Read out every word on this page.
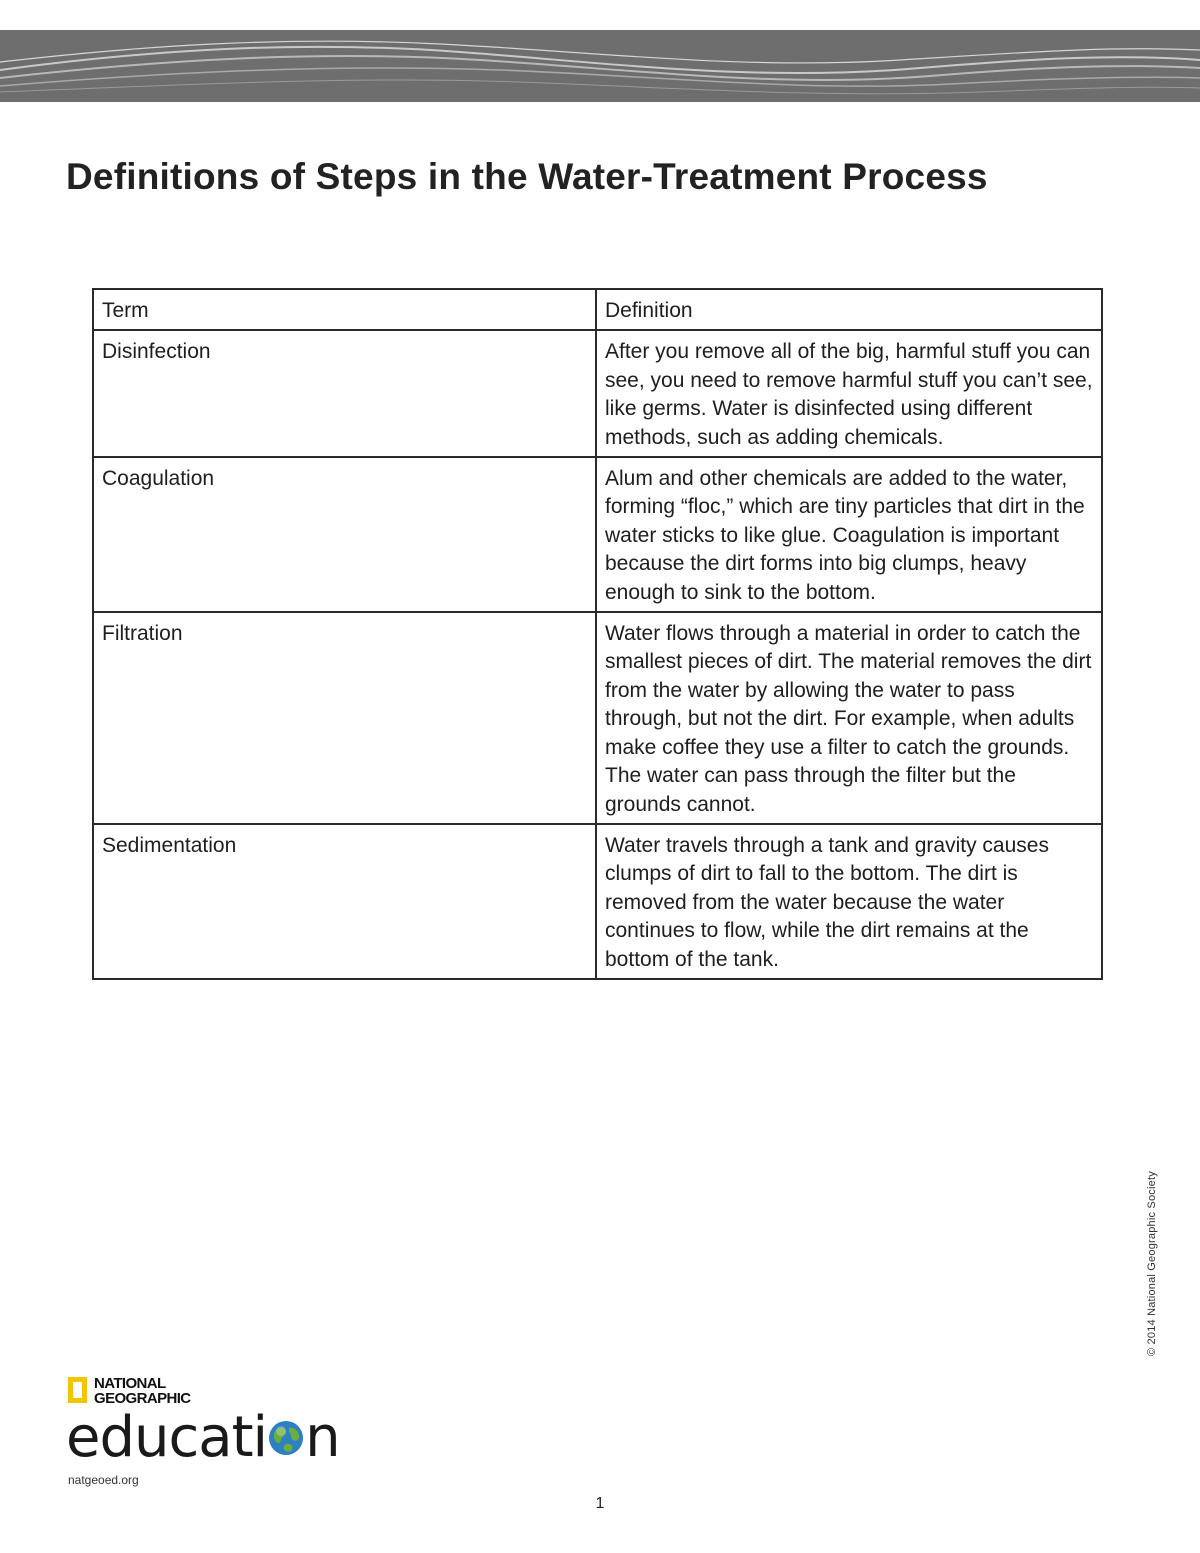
Definitions of Steps in the Water-Treatment Process
Term	Definition
Disinfection	After you remove all of the big, harmful stuff you can see, you need to remove harmful stuff you can’t see, like germs. Water is disinfected using different methods, such as adding chemicals.

Coagulation	Alum and other chemicals are added to the water, forming “floc,” which are tiny particles that dirt in the water sticks to like glue. Coagulation is important because the dirt forms into big clumps, heavy enough to sink to the bottom.

Filtration	Water flows through a material in order to catch the smallest pieces of dirt. The material removes the dirt from the water by allowing the water to pass through, but not the dirt. For example, when adults make coffee they use a filter to catch the grounds. The water can pass through the filter but the grounds cannot.

Sedimentation	Water travels through a tank and gravity causes clumps of dirt to fall to the bottom. The dirt is removed from the water because the water continues to flow, while the dirt remains at the bottom of the tank.
© 2014 National Geographic Society
NATIONAL
GEOGRAPHIC
educati n
natgeoed.org
1
